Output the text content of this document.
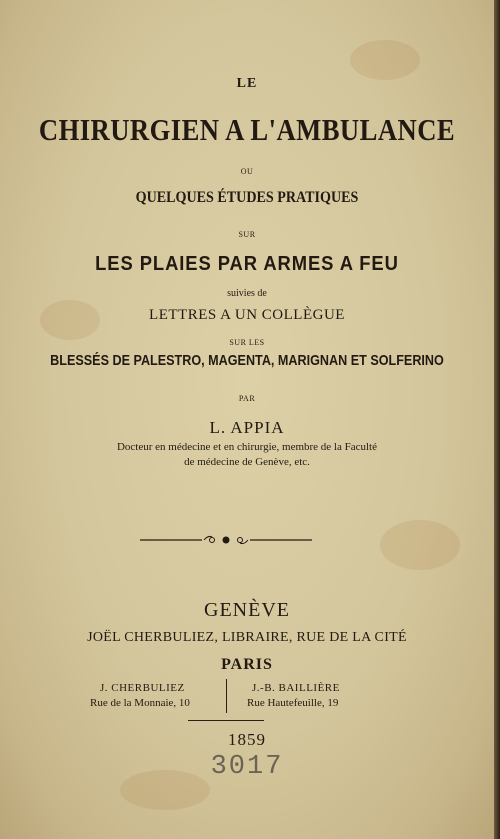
LE
CHIRURGIEN A L'AMBULANCE
OU
QUELQUES ÉTUDES PRATIQUES
SUR
LES PLAIES PAR ARMES A FEU
suivies de
LETTRES A UN COLLÈGUE
SUR LES
BLESSÉS DE PALESTRO, MAGENTA, MARIGNAN ET SOLFERINO
PAR
L. APPIA
Docteur en médecine et en chirurgie, membre de la Faculté
de médecine de Genève, etc.
GENÈVE
JOËL CHERBULIEZ, LIBRAIRE, RUE DE LA CITÉ
PARIS
J. CHERBULIEZ
Rue de la Monnaie, 10
J.-B. BAILLIÈRE
Rue Hautefeuille, 19
1859
3017
